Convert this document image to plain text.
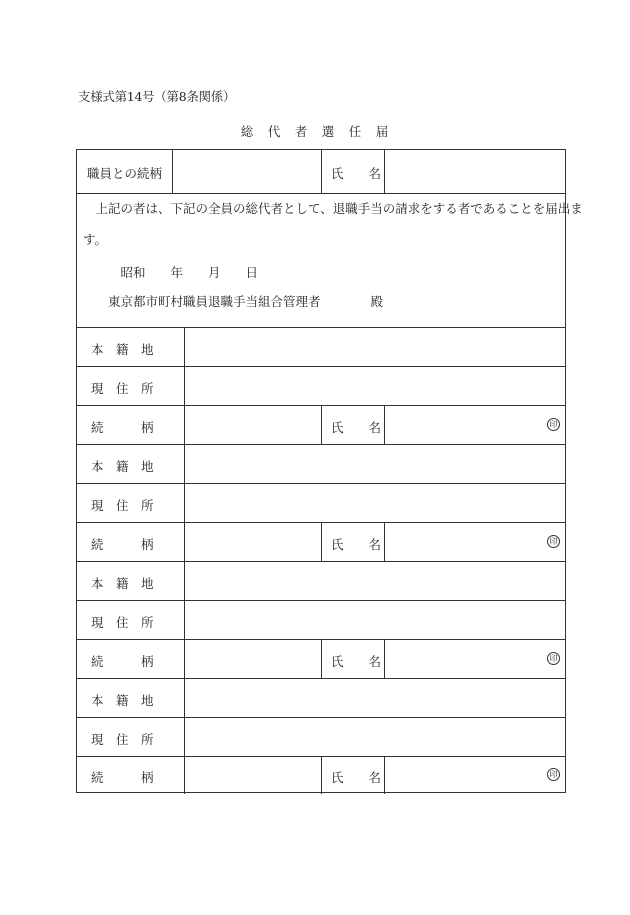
支様式第14号（第8条関係）
総　代　者　選　任　届
職員との続柄	氏　　名
　上記の者は、下記の全員の総代者として、退職手当の請求をする者であることを届出ま
す。
　　　昭和　　年　　月　　日
　　東京都市町村職員退職手当組合管理者　　　　殿
本　籍　地
現　住　所
続　　　柄	氏　　名	印
本　籍　地
現　住　所
続　　　柄	氏　　名	印
本　籍　地
現　住　所
続　　　柄	氏　　名	印
本　籍　地
現　住　所
続　　　柄	氏　　名	印
